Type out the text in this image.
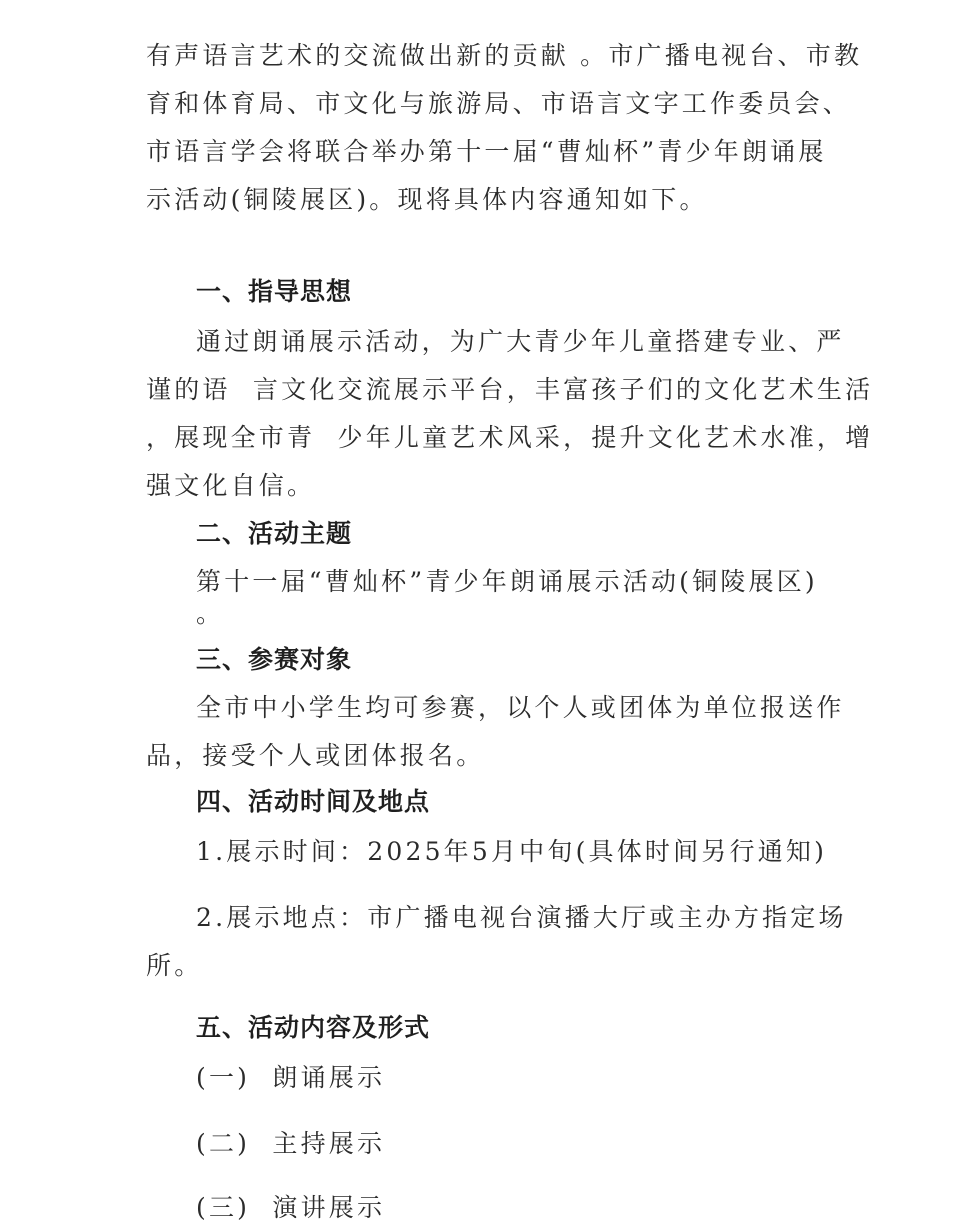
有声语言艺术的交流做出新的贡献 。市广播电视台、市教

育和体育局、市文化与旅游局、市语言文字工作委员会、

市语言学会将联合举办第十一届“曹灿杯”青少年朗诵展

示活动(铜陵展区)。现将具体内容通知如下。

一、指导思想

通过朗诵展示活动，为广大青少年儿童搭建专业、严

谨的语  言文化交流展示平台，丰富孩子们的文化艺术生活

，展现全市青  少年儿童艺术风采，提升文化艺术水准，增

强文化自信。

二、活动主题

第十一届“曹灿杯”青少年朗诵展示活动(铜陵展区)

。

三、参赛对象

全市中小学生均可参赛，以个人或团体为单位报送作

品，接受个人或团体报名。

四、活动时间及地点

1.展示时间：2025年5月中旬(具体时间另行通知)

2.展示地点：市广播电视台演播大厅或主办方指定场

所。

五、活动内容及形式

(一)  朗诵展示

(二)  主持展示

(三)  演讲展示
